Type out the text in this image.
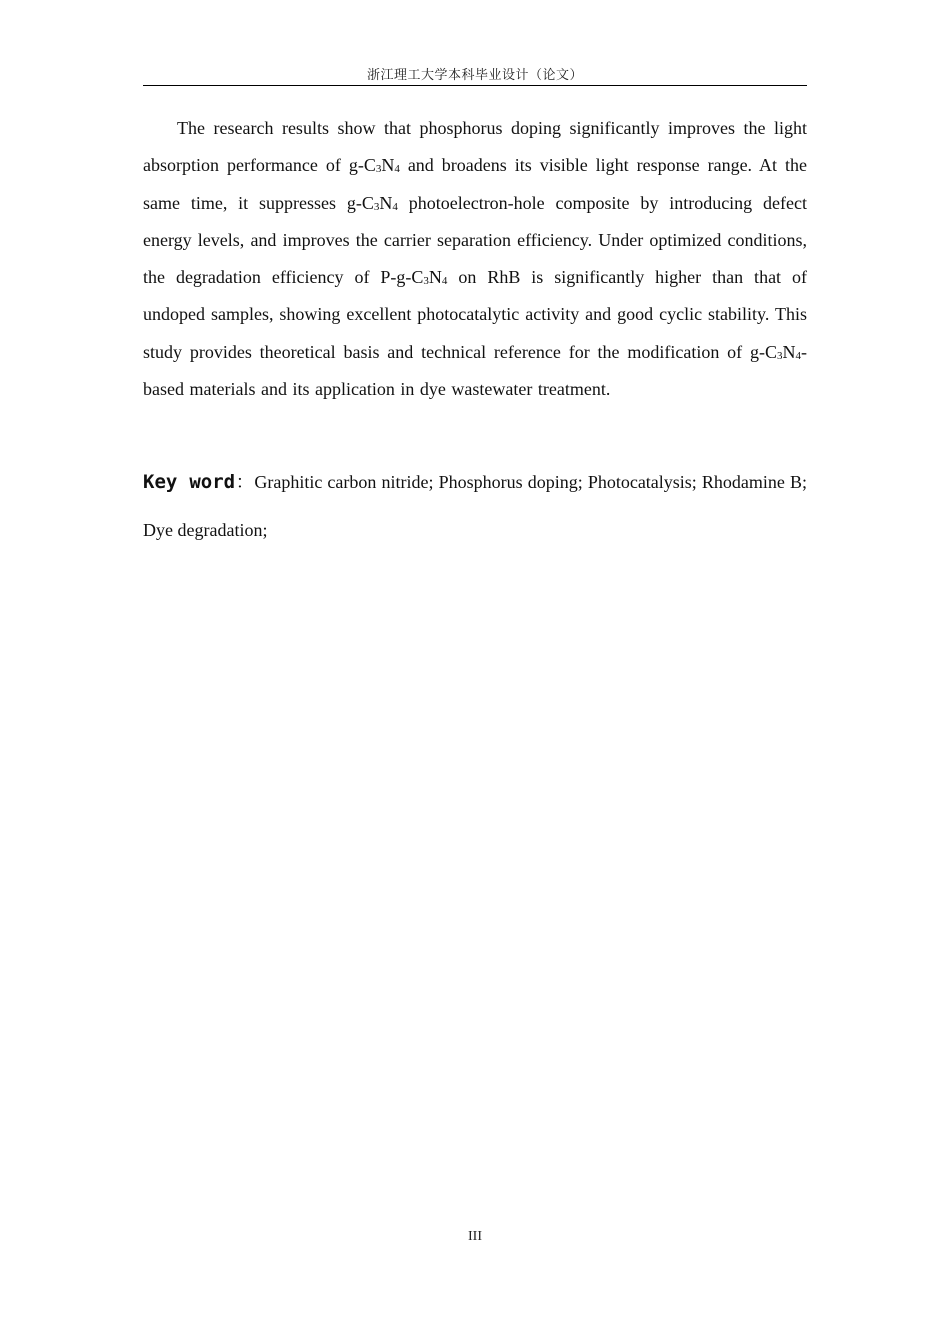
浙江理工大学本科毕业设计（论文）

The research results show that phosphorus doping significantly improves the light absorption performance of $g-C_3N_4$ and broadens its visible light response range. At the same time, it suppresses $g-C_3N_4$ photoelectron-hole composite by introducing defect energy levels, and improves the carrier separation efficiency. Under optimized conditions, the degradation efficiency of $P-g-C_3N_4$ on RhB is significantly higher than that of undoped samples, showing excellent photocatalytic activity and good cyclic stability. This study provides theoretical basis and technical reference for the modification of $g-C_3N_4$-based materials and its application in dye wastewater treatment.

Key word：Graphitic carbon nitride; Phosphorus doping; Photocatalysis; Rhodamine B; Dye degradation;

III
